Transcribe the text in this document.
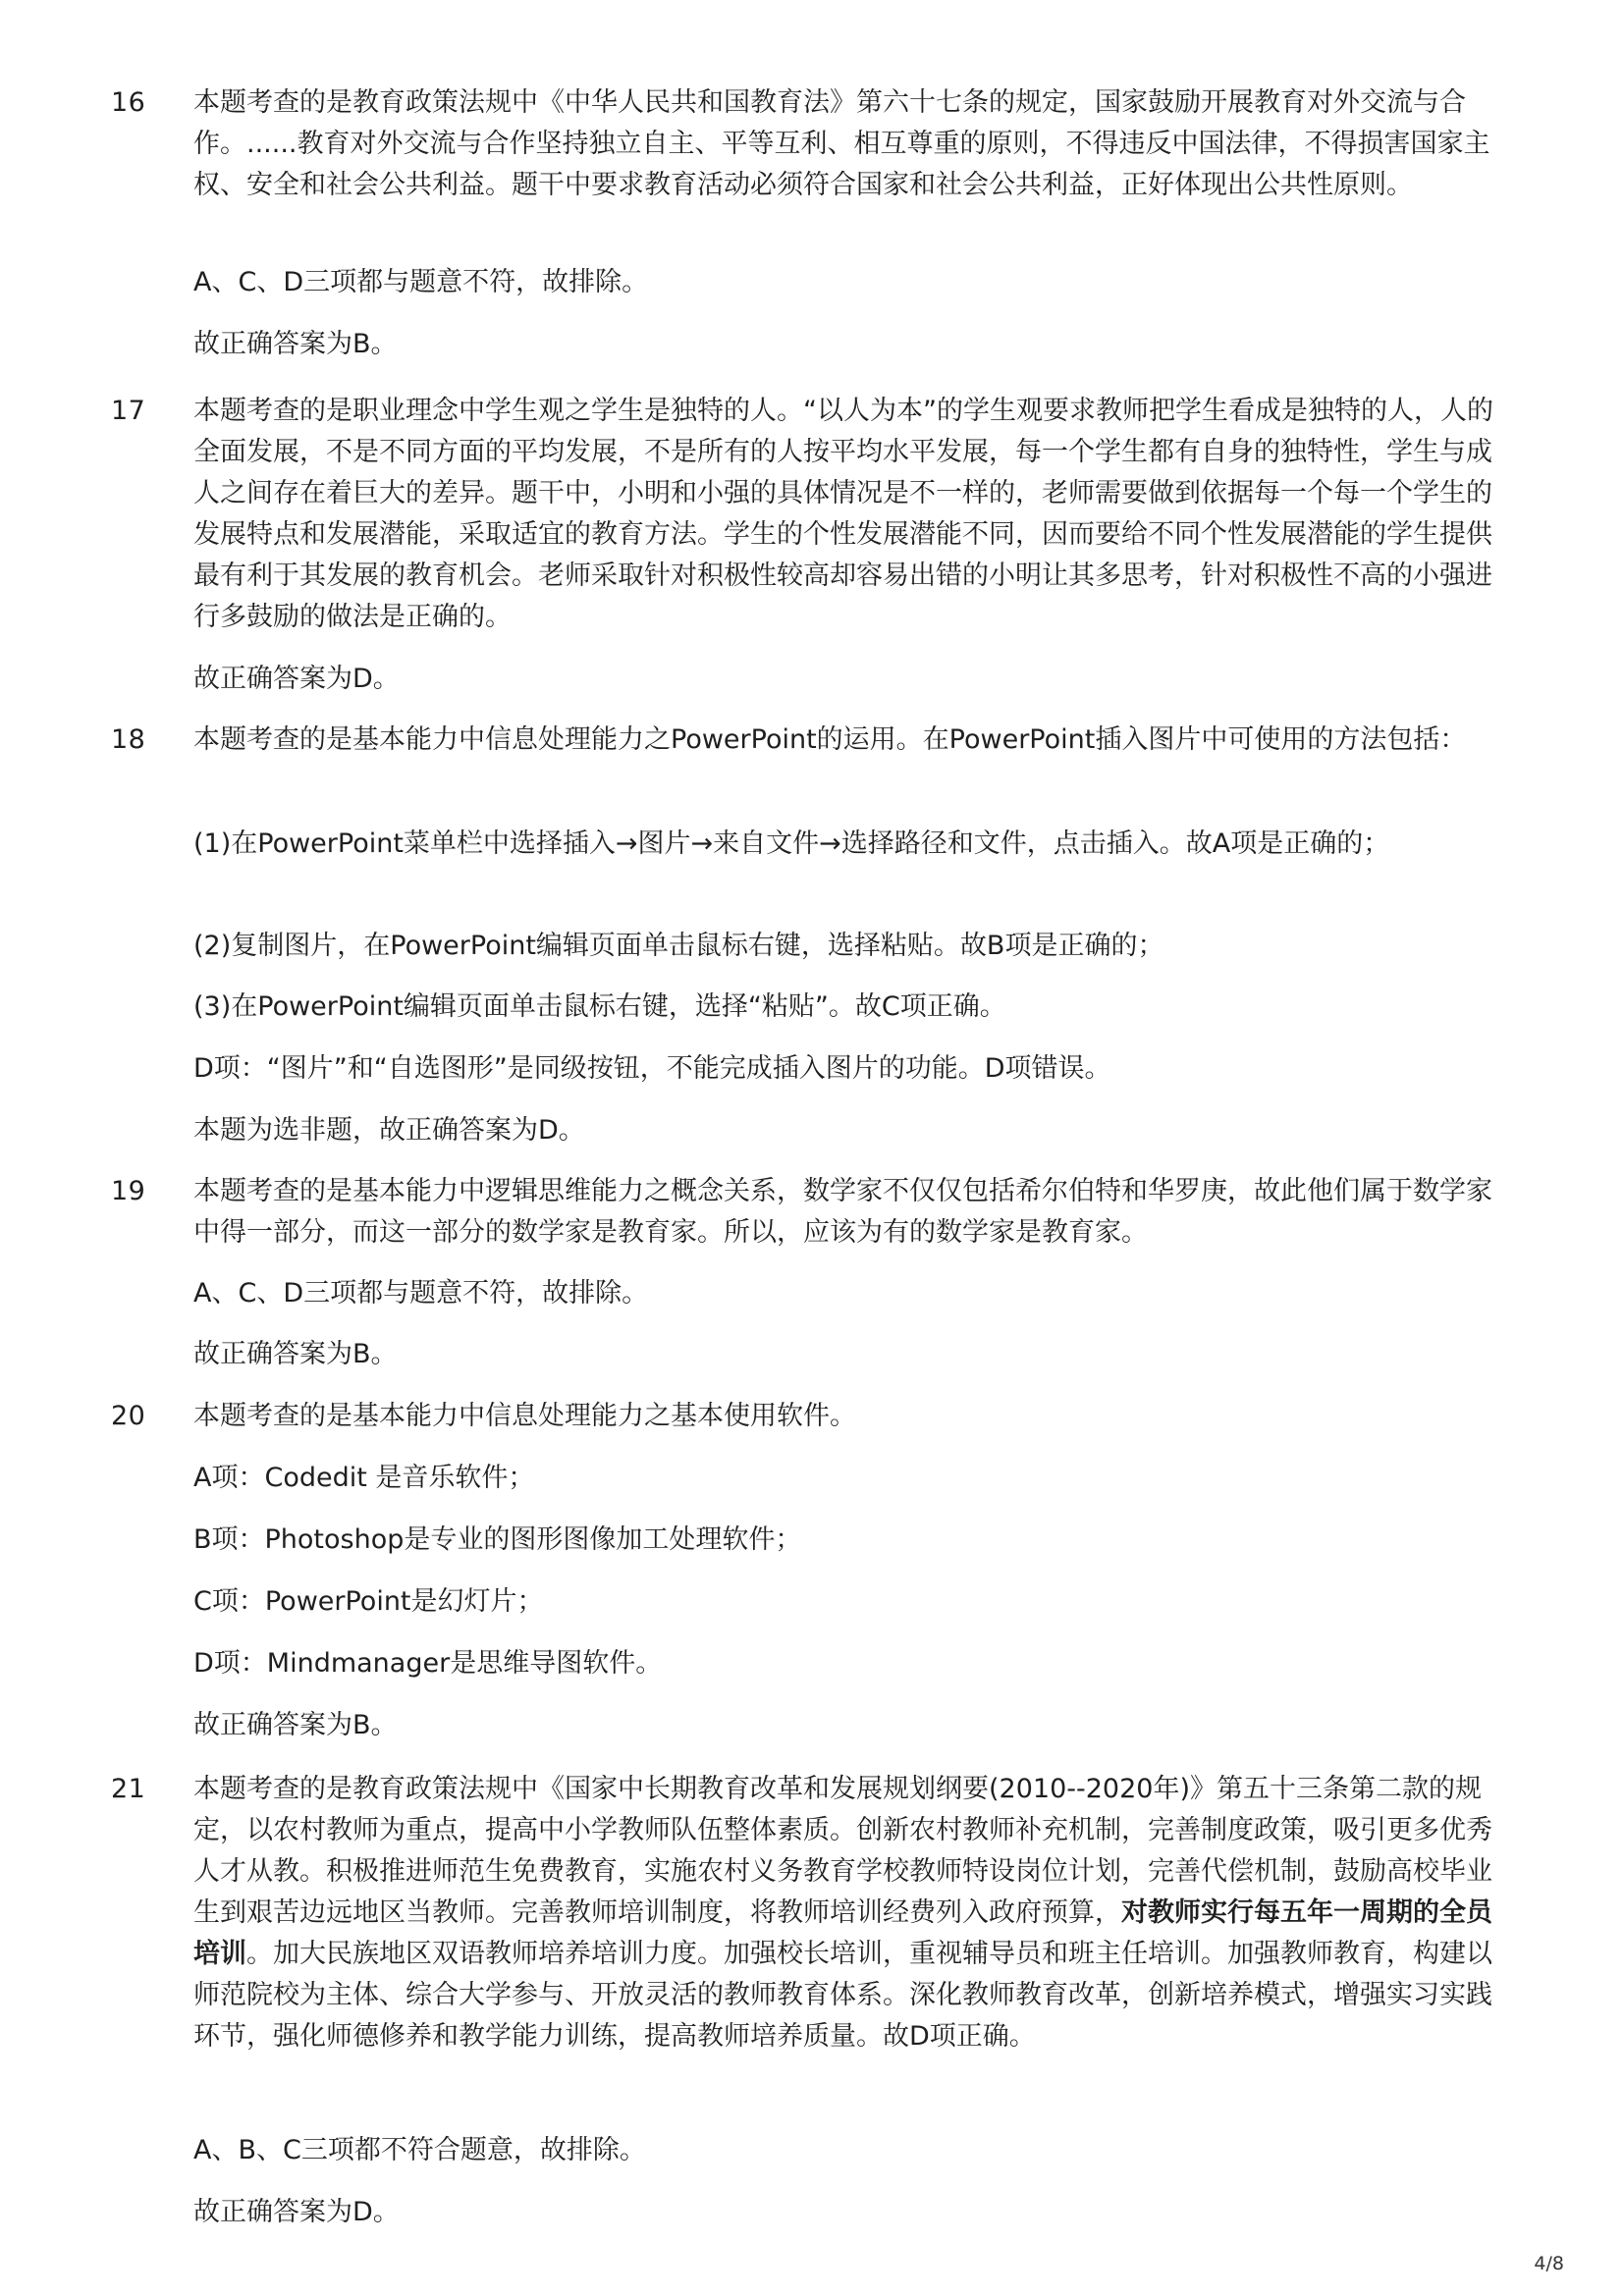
16 本题考查的是教育政策法规中《中华人民共和国教育法》第六十七条的规定，国家鼓励开展教育对外交流与合作。......教育对外交流与合作坚持独立自主、平等互利、相互尊重的原则，不得违反中国法律，不得损害国家主权、安全和社会公共利益。题干中要求教育活动必须符合国家和社会公共利益，正好体现出公共性原则。

A、C、D三项都与题意不符，故排除。

故正确答案为B。

17 本题考查的是职业理念中学生观之学生是独特的人。“以人为本”的学生观要求教师把学生看成是独特的人，人的全面发展，不是不同方面的平均发展，不是所有的人按平均水平发展，每一个学生都有自身的独特性，学生与成人之间存在着巨大的差异。题干中，小明和小强的具体情况是不一样的，老师需要做到依据每一个每一个学生的发展特点和发展潜能，采取适宜的教育方法。学生的个性发展潜能不同，因而要给不同个性发展潜能的学生提供最有利于其发展的教育机会。老师采取针对积极性较高却容易出错的小明让其多思考，针对积极性不高的小强进行多鼓励的做法是正确的。

故正确答案为D。

18 本题考查的是基本能力中信息处理能力之PowerPoint的运用。在PowerPoint插入图片中可使用的方法包括：

(1)在PowerPoint菜单栏中选择插入→图片→来自文件→选择路径和文件，点击插入。故A项是正确的；

(2)复制图片，在PowerPoint编辑页面单击鼠标右键，选择粘贴。故B项是正确的；

(3)在PowerPoint编辑页面单击鼠标右键，选择“粘贴”。故C项正确。

D项：“图片”和“自选图形”是同级按钮，不能完成插入图片的功能。D项错误。

本题为选非题，故正确答案为D。

19 本题考查的是基本能力中逻辑思维能力之概念关系，数学家不仅仅包括希尔伯特和华罗庚，故此他们属于数学家中得一部分，而这一部分的数学家是教育家。所以，应该为有的数学家是教育家。

A、C、D三项都与题意不符，故排除。

故正确答案为B。

20 本题考查的是基本能力中信息处理能力之基本使用软件。

A项：Codedit 是音乐软件；

B项：Photoshop是专业的图形图像加工处理软件；

C项：PowerPoint是幻灯片；

D项：Mindmanager是思维导图软件。

故正确答案为B。

21 本题考查的是教育政策法规中《国家中长期教育改革和发展规划纲要(2010--2020年)》第五十三条第二款的规定，以农村教师为重点，提高中小学教师队伍整体素质。创新农村教师补充机制，完善制度政策，吸引更多优秀人才从教。积极推进师范生免费教育，实施农村义务教育学校教师特设岗位计划，完善代偿机制，鼓励高校毕业生到艰苦边远地区当教师。完善教师培训制度，将教师培训经费列入政府预算，对教师实行每五年一周期的全员培训。加大民族地区双语教师培养培训力度。加强校长培训，重视辅导员和班主任培训。加强教师教育，构建以师范院校为主体、综合大学参与、开放灵活的教师教育体系。深化教师教育改革，创新培养模式，增强实习实践环节，强化师德修养和教学能力训练，提高教师培养质量。故D项正确。

A、B、C三项都不符合题意，故排除。

故正确答案为D。

4/8
